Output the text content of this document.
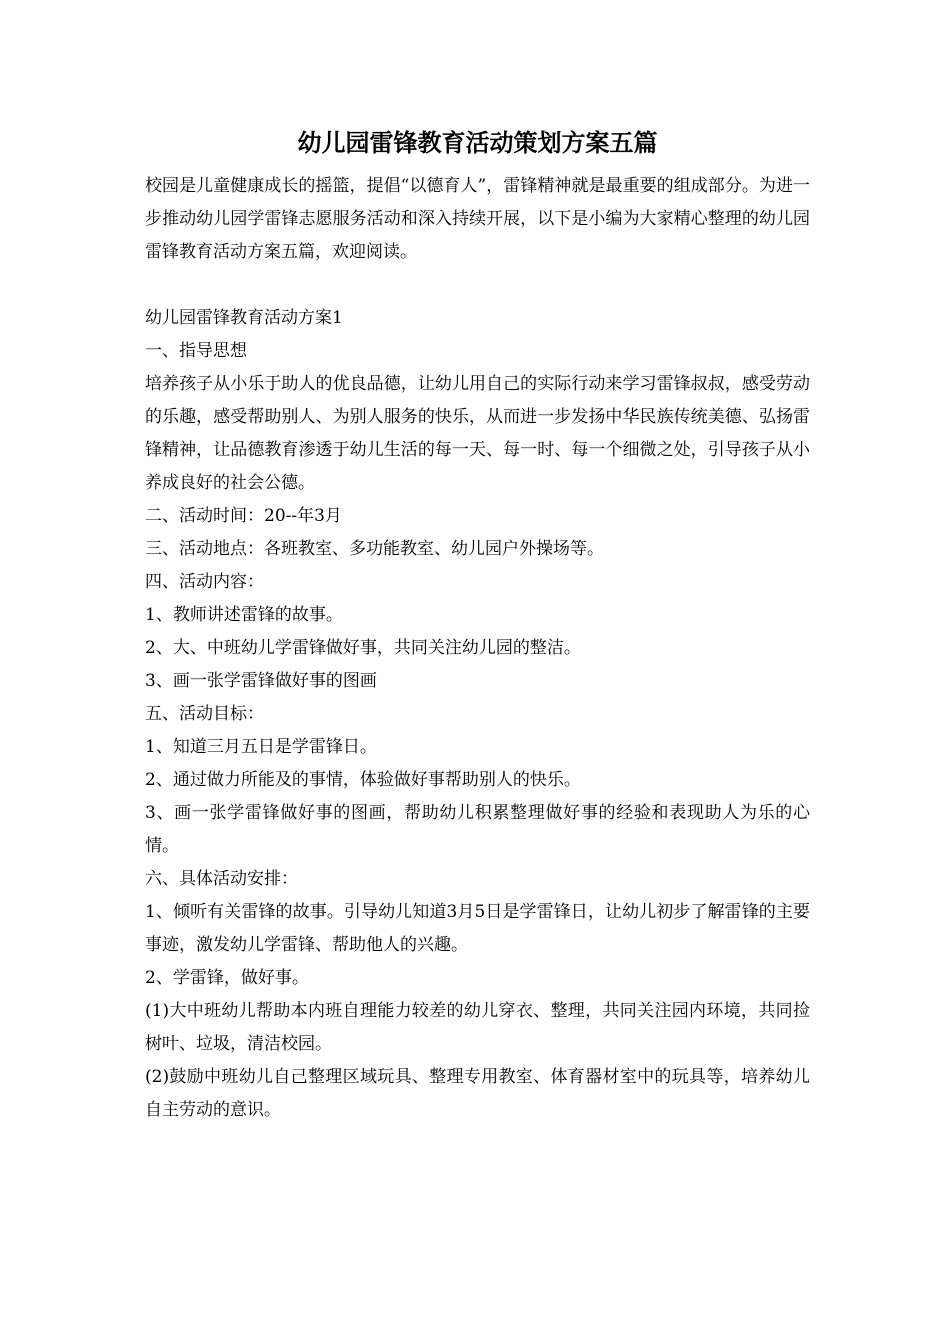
幼儿园雷锋教育活动策划方案五篇

校园是儿童健康成长的摇篮，提倡“以德育人”，雷锋精神就是最重要的组成部分。为进一步推动幼儿园学雷锋志愿服务活动和深入持续开展，以下是小编为大家精心整理的幼儿园雷锋教育活动方案五篇，欢迎阅读。

幼儿园雷锋教育活动方案1

一、指导思想

培养孩子从小乐于助人的优良品德，让幼儿用自己的实际行动来学习雷锋叔叔，感受劳动的乐趣，感受帮助别人、为别人服务的快乐，从而进一步发扬中华民族传统美德、弘扬雷锋精神，让品德教育渗透于幼儿生活的每一天、每一时、每一个细微之处，引导孩子从小养成良好的社会公德。

二、活动时间：20--年3月

三、活动地点：各班教室、多功能教室、幼儿园户外操场等。

四、活动内容：

1、教师讲述雷锋的故事。

2、大、中班幼儿学雷锋做好事，共同关注幼儿园的整洁。

3、画一张学雷锋做好事的图画

五、活动目标：

1、知道三月五日是学雷锋日。

2、通过做力所能及的事情，体验做好事帮助别人的快乐。

3、画一张学雷锋做好事的图画，帮助幼儿积累整理做好事的经验和表现助人为乐的心情。

六、具体活动安排：

1、倾听有关雷锋的故事。引导幼儿知道3月5日是学雷锋日，让幼儿初步了解雷锋的主要事迹，激发幼儿学雷锋、帮助他人的兴趣。

2、学雷锋，做好事。

(1)大中班幼儿帮助本内班自理能力较差的幼儿穿衣、整理，共同关注园内环境，共同捡树叶、垃圾，清洁校园。

(2)鼓励中班幼儿自己整理区域玩具、整理专用教室、体育器材室中的玩具等，培养幼儿自主劳动的意识。
